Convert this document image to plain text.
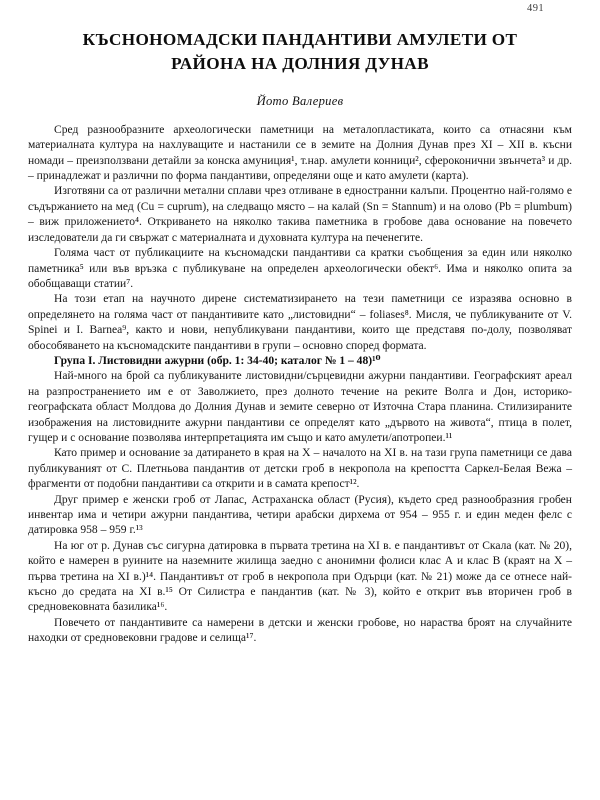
491
КЪСНОНОМАДСКИ ПАНДАНТИВИ АМУЛЕТИ ОТ
РАЙОНА НА ДОЛНИЯ ДУНАВ
Йото Валериев

Сред разнообразните археологически паметници на металопластиката, които са отнасяни към материалната култура на нахлуващите и настанили се в земите на Долния Дунав през XI – XII в. късни номади – преизползвани детайли за конска амуниция¹, т.нар. амулети конници², сфероконични звънчета³ и др. – принадлежат и различни по форма пандантиви, определяни още и като амулети (карта).

Изготвяни са от различни метални сплави чрез отливане в едностранни калъпи. Процентно най-голямо е съдържанието на мед (Cu = cuprum), на следващо място – на калай (Sn = Stannum) и на олово (Pb = plumbum) – виж приложението⁴. Откриването на няколко такива паметника в гробове дава основание на повечето изследователи да ги свържат с материалната и духовната култура на печенегите.

Голяма част от публикациите на късномадски пандантиви са кратки съобщения за един или няколко паметника⁵ или във връзка с публикуване на определен археологически обект⁶. Има и няколко опита за обобщаващи статии⁷.

На този етап на научното дирене систематизирането на тези паметници се изразява основно в определянето на голяма част от пандантивите като „листовидни“ – foliases⁸. Мисля, че публикуваните от V. Spinei и I. Barnea⁹, както и нови, непубликувани пандантиви, които ще представя по-долу, позволяват обособяването на късномадските пандантиви в групи – основно според формата.

Група I. Листовидни ажурни (обр. 1: 34-40; каталог № 1 – 48)¹⁰

Най-много на брой са публикуваните листовидни/сърцевидни ажурни пандантиви. Географският ареал на разпространението им е от Заволжието, през долното течение на реките Волга и Дон, историко-географската област Молдова до Долния Дунав и земите северно от Източна Стара планина. Стилизираните изображения на листовидните ажурни пандантиви се определят като „дървото на живота“, птица в полет, гущер и с основание позволява интерпретацията им също и като амулети/апотропеи.¹¹

Като пример и основание за датирането в края на X – началото на XI в. на тази група паметници се дава публикуваният от С. Плетньова пандантив от детски гроб в некропола на крепостта Саркел-Белая Вежа – фрагменти от подобни пандантиви са открити и в самата крепост¹².

Друг пример е женски гроб от Лапас, Астраханска област (Русия), където сред разнообразния гробен инвентар има и четири ажурни пандантива, четири арабски дирхема от 954 – 955 г. и един меден фелс с датировка 958 – 959 г.¹³

На юг от р. Дунав със сигурна датировка в първата третина на XI в. е пандантивът от Скала (кат. № 20), който е намерен в руините на наземните жилища заедно с анонимни фолиси клас А и клас B (краят на X – първа третина на XI в.)¹⁴. Пандантивът от гроб в некропола при Одърци (кат. № 21) може да се отнесе най-късно до средата на XI в.¹⁵ От Силистра е пандантив (кат. № 3), който е открит във вторичен гроб в средновековната базилика¹⁶.

Повечето от пандантивите са намерени в детски и женски гробове, но нараства броят на случайните находки от средновековни градове и селища¹⁷.
